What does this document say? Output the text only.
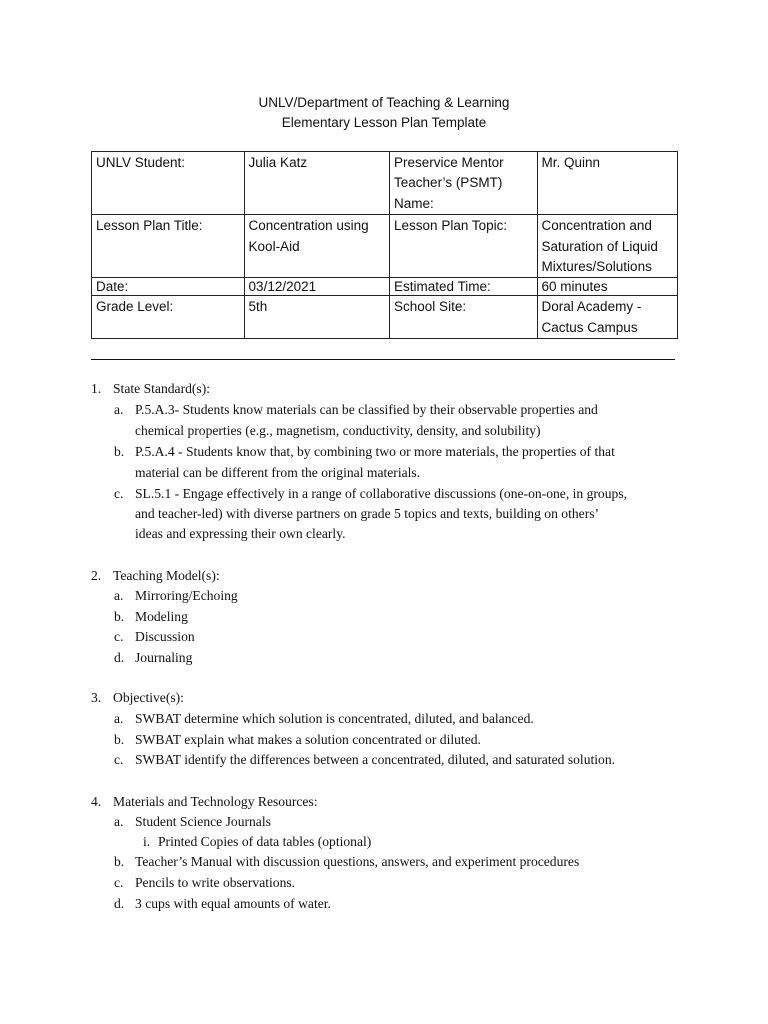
UNLV/Department of Teaching & Learning
Elementary Lesson Plan Template
UNLV Student:	Julia Katz	Preservice Mentor Teacher’s (PSMT) Name:	Mr. Quinn
Lesson Plan Title:	Concentration using Kool-Aid	Lesson Plan Topic:	Concentration and Saturation of Liquid Mixtures/Solutions
Date:	03/12/2021	Estimated Time:	60 minutes
Grade Level:	5th	School Site:	Doral Academy - Cactus Campus
1. State Standard(s):
a. P.5.A.3- Students know materials can be classified by their observable properties and
chemical properties (e.g., magnetism, conductivity, density, and solubility)
b. P.5.A.4 - Students know that, by combining two or more materials, the properties of that
material can be different from the original materials.
c. SL.5.1 - Engage effectively in a range of collaborative discussions (one-on-one, in groups,
and teacher-led) with diverse partners on grade 5 topics and texts, building on others’
ideas and expressing their own clearly.
2. Teaching Model(s):
a. Mirroring/Echoing
b. Modeling
c. Discussion
d. Journaling
3. Objective(s):
a. SWBAT determine which solution is concentrated, diluted, and balanced.
b. SWBAT explain what makes a solution concentrated or diluted.
c. SWBAT identify the differences between a concentrated, diluted, and saturated solution.
4. Materials and Technology Resources:
a. Student Science Journals
i. Printed Copies of data tables (optional)
b. Teacher’s Manual with discussion questions, answers, and experiment procedures
c. Pencils to write observations.
d. 3 cups with equal amounts of water.
